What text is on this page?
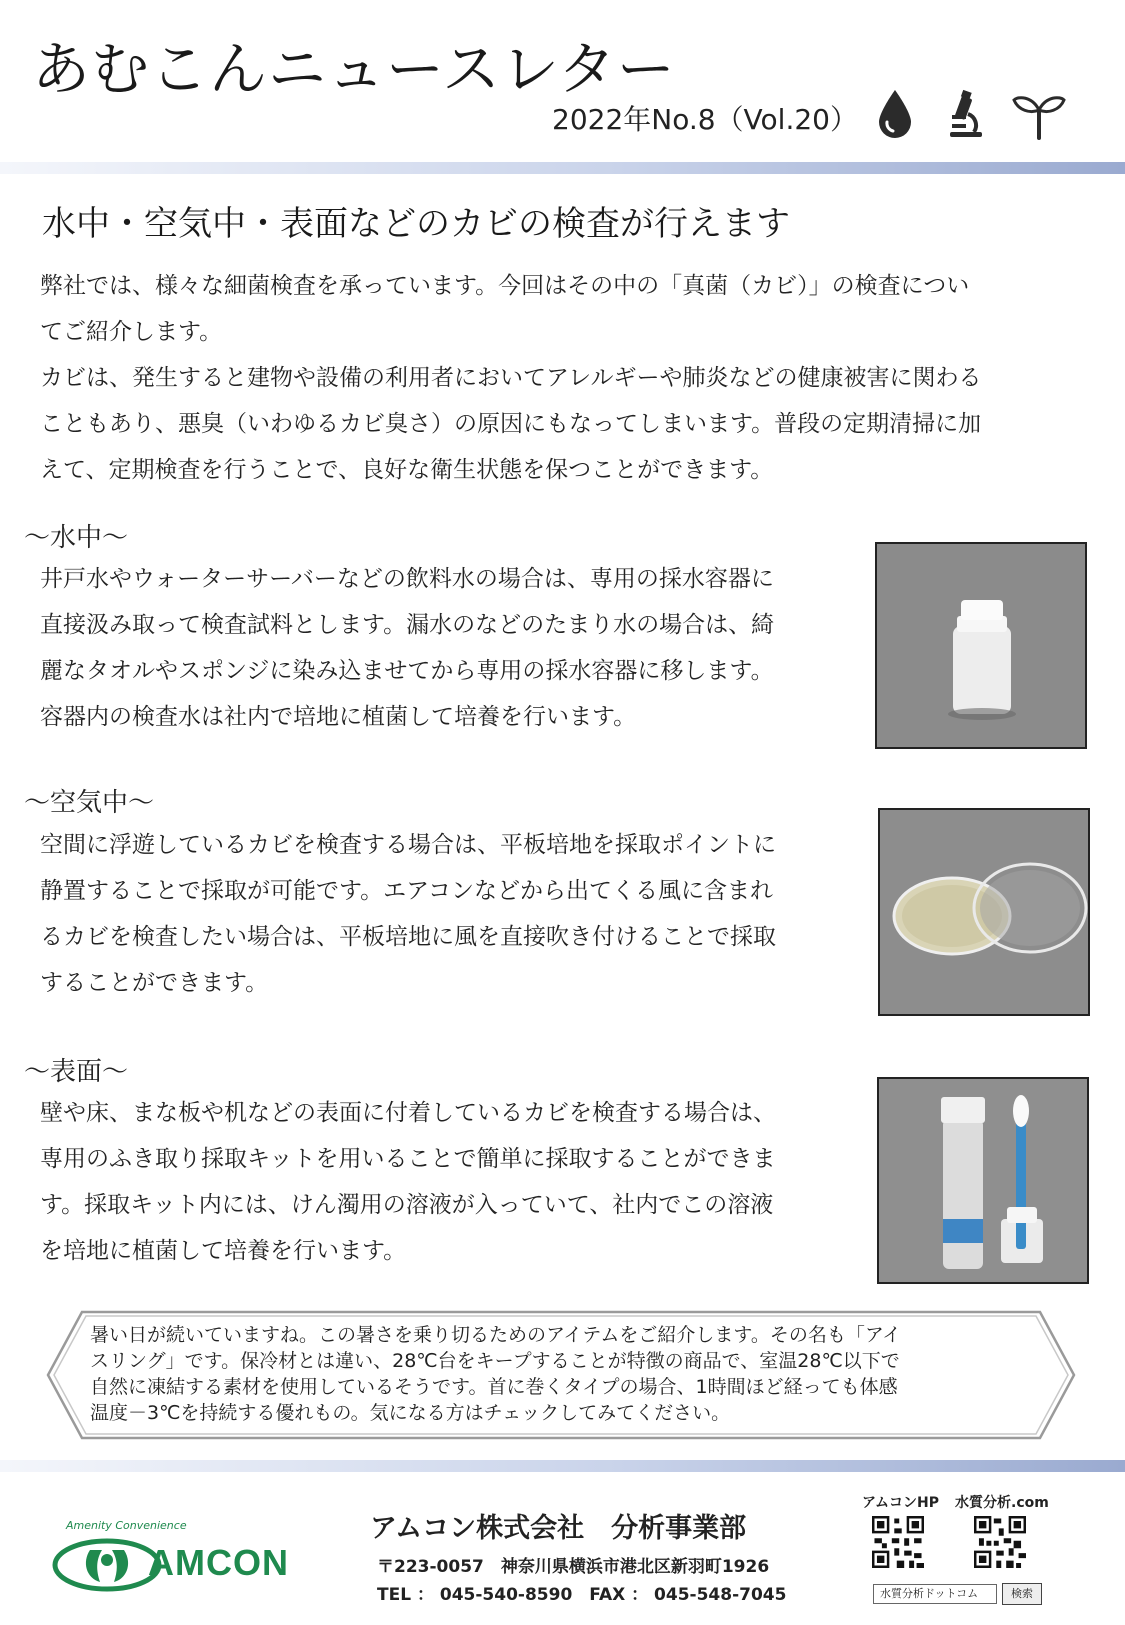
あむこんニュースレター
2022年No.8（Vol.20）
水中・空気中・表面などのカビの検査が行えます

弊社では、様々な細菌検査を承っています。今回はその中の「真菌（カビ）」の検査につい

てご紹介します。

カビは、発生すると建物や設備の利用者においてアレルギーや肺炎などの健康被害に関わる

こともあり、悪臭（いわゆるカビ臭さ）の原因にもなってしまいます。普段の定期清掃に加

えて、定期検査を行うことで、良好な衛生状態を保つことができます。

～水中～

井戸水やウォーターサーバーなどの飲料水の場合は、専用の採水容器に

直接汲み取って検査試料とします。漏水のなどのたまり水の場合は、綺

麗なタオルやスポンジに染み込ませてから専用の採水容器に移します。

容器内の検査水は社内で培地に植菌して培養を行います。

～空気中～

空間に浮遊しているカビを検査する場合は、平板培地を採取ポイントに

静置することで採取が可能です。エアコンなどから出てくる風に含まれ

るカビを検査したい場合は、平板培地に風を直接吹き付けることで採取

することができます。

～表面～

壁や床、まな板や机などの表面に付着しているカビを検査する場合は、

専用のふき取り採取キットを用いることで簡単に採取することができま

す。採取キット内には、けん濁用の溶液が入っていて、社内でこの溶液

を培地に植菌して培養を行います。

暑い日が続いていますね。この暑さを乗り切るためのアイテムをご紹介します。その名も「アイ

スリング」です。保冷材とは違い、28℃台をキープすることが特徴の商品で、室温28℃以下で

自然に凍結する素材を使用しているそうです。首に巻くタイプの場合、1時間ほど経っても体感

温度－3℃を持続する優れもの。気になる方はチェックしてみてください。

Amenity Convenience
AMCON
アムコン株式会社　分析事業部
〒223-0057　神奈川県横浜市港北区新羽町1926
TEL ： 045-540-8590　FAX ： 045-548-7045
アムコンHP 水質分析.com
水質分析ドットコム	検索
